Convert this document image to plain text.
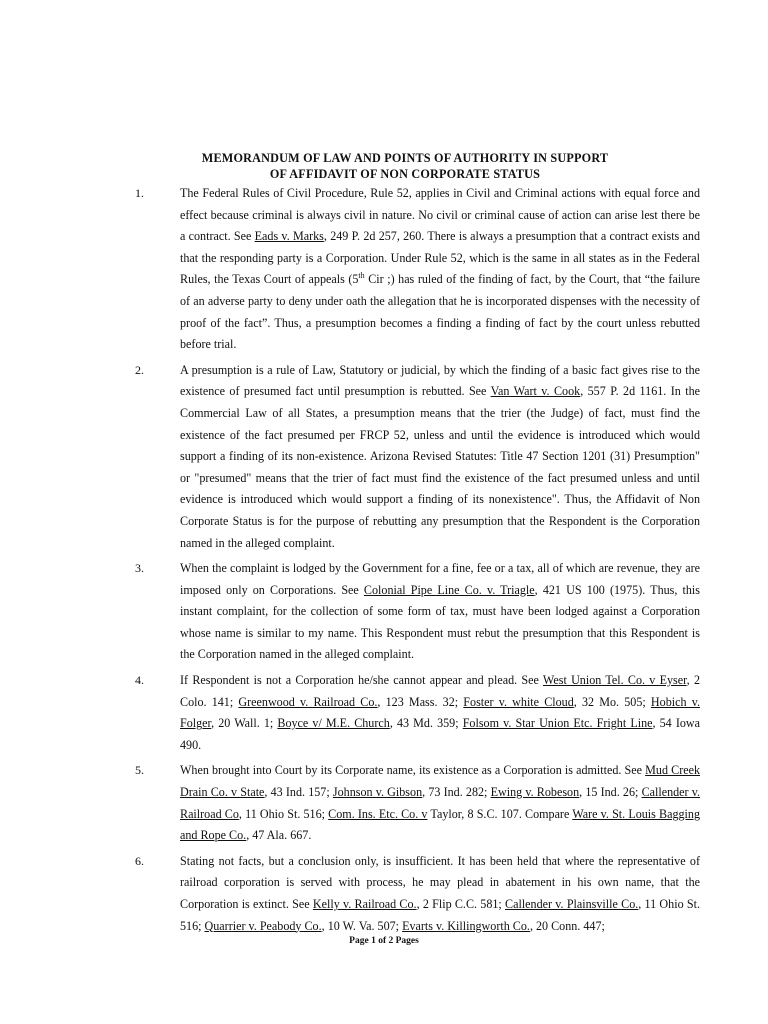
MEMORANDUM OF LAW AND POINTS OF AUTHORITY IN SUPPORT
OF AFFIDAVIT OF NON CORPORATE STATUS
1.	The Federal Rules of Civil Procedure, Rule 52, applies in Civil and Criminal actions with equal force and effect because criminal is always civil in nature. No civil or criminal cause of action can arise lest there be a contract. See Eads v. Marks, 249 P. 2d 257, 260. There is always a presumption that a contract exists and that the responding party is a Corporation. Under Rule 52, which is the same in all states as in the Federal Rules, the Texas Court of appeals (5th Cir ;) has ruled of the finding of fact, by the Court, that “the failure of an adverse party to deny under oath the allegation that he is incorporated dispenses with the necessity of proof of the fact”. Thus, a presumption becomes a finding a finding of fact by the court unless rebutted before trial.
2.	A presumption is a rule of Law, Statutory or judicial, by which the finding of a basic fact gives rise to the existence of presumed fact until presumption is rebutted. See Van Wart v. Cook, 557 P. 2d 1161. In the Commercial Law of all States, a presumption means that the trier (the Judge) of fact, must find the existence of the fact presumed per FRCP 52, unless and until the evidence is introduced which would support a finding of its non-existence. Arizona Revised Statutes: Title 47 Section 1201 (31) Presumption" or "presumed" means that the trier of fact must find the existence of the fact presumed unless and until evidence is introduced which would support a finding of its nonexistence". Thus, the Affidavit of Non Corporate Status is for the purpose of rebutting any presumption that the Respondent is the Corporation named in the alleged complaint.
3.	When the complaint is lodged by the Government for a fine, fee or a tax, all of which are revenue, they are imposed only on Corporations. See Colonial Pipe Line Co. v. Triagle, 421 US 100 (1975). Thus, this instant complaint, for the collection of some form of tax, must have been lodged against a Corporation whose name is similar to my name. This Respondent must rebut the presumption that this Respondent is the Corporation named in the alleged complaint.
4.	If Respondent is not a Corporation he/she cannot appear and plead. See West Union Tel. Co. v Eyser, 2 Colo. 141; Greenwood v. Railroad Co., 123 Mass. 32; Foster v. white Cloud, 32 Mo. 505; Hobich v. Folger, 20 Wall. 1; Boyce v/ M.E. Church, 43 Md. 359; Folsom v. Star Union Etc. Fright Line, 54 Iowa 490.
5.	When brought into Court by its Corporate name, its existence as a Corporation is admitted. See Mud Creek Drain Co. v State, 43 Ind. 157; Johnson v. Gibson, 73 Ind. 282; Ewing v. Robeson, 15 Ind. 26; Callender v. Railroad Co, 11 Ohio St. 516; Com. Ins. Etc. Co. v Taylor, 8 S.C. 107. Compare Ware v. St. Louis Bagging and Rope Co., 47 Ala. 667.
6.	Stating not facts, but a conclusion only, is insufficient. It has been held that where the representative of railroad corporation is served with process, he may plead in abatement in his own name, that the Corporation is extinct. See Kelly v. Railroad Co., 2 Flip C.C. 581; Callender v. Plainsville Co., 11 Ohio St. 516; Quarrier v. Peabody Co., 10 W. Va. 507; Evarts v. Killingworth Co., 20 Conn. 447;
Page 1 of 2 Pages
